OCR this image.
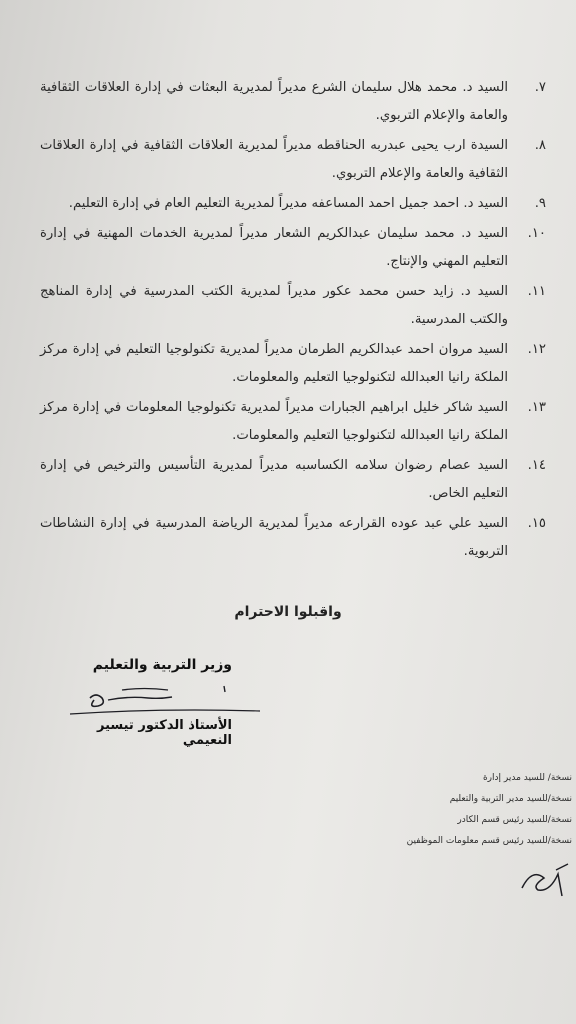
٧.
السيد د. محمد هلال سليمان الشرع مديراً لمديرية البعثات في إدارة العلاقات الثقافية والعامة والإعلام التربوي.
٨.
السيدة ارب يحيى عبدربه الحناقطه مديراً لمديرية العلاقات الثقافية في إدارة العلاقات الثقافية والعامة والإعلام التربوي.
٩.
السيد د. احمد جميل احمد المساعفه مديراً لمديرية التعليم العام في إدارة التعليم.
١٠.
السيد د. محمد سليمان عبدالكريم الشعار مديراً لمديرية الخدمات المهنية في إدارة التعليم المهني والإنتاج.
١١.
السيد د. زايد حسن محمد عكور مديراً لمديرية الكتب المدرسية في إدارة المناهج والكتب المدرسية.
١٢.
السيد مروان احمد عبدالكريم الطرمان مديراً لمديرية تكنولوجيا التعليم في إدارة مركز الملكة رانيا العبدالله لتكنولوجيا التعليم والمعلومات.
١٣.
السيد شاكر خليل ابراهيم الجبارات مديراً لمديرية تكنولوجيا المعلومات في إدارة مركز الملكة رانيا العبدالله لتكنولوجيا التعليم والمعلومات.
١٤.
السيد عصام رضوان سلامه الكساسبه مديراً لمديرية التأسيس والترخيص في إدارة التعليم الخاص.
١٥.
السيد علي عبد عوده القرارعه مديراً لمديرية الرياضة المدرسية في إدارة النشاطات التربوية.
واقبلوا الاحترام
وزير التربية والتعليم
الأستاذ الدكتور تيسير النعيمي
نسخة/ للسيد مدير إدارة
نسخة/للسيد مدير التربية والتعليم
نسخة/للسيد رئيس قسم الكادر
نسخة/للسيد رئيس قسم معلومات الموظفين
